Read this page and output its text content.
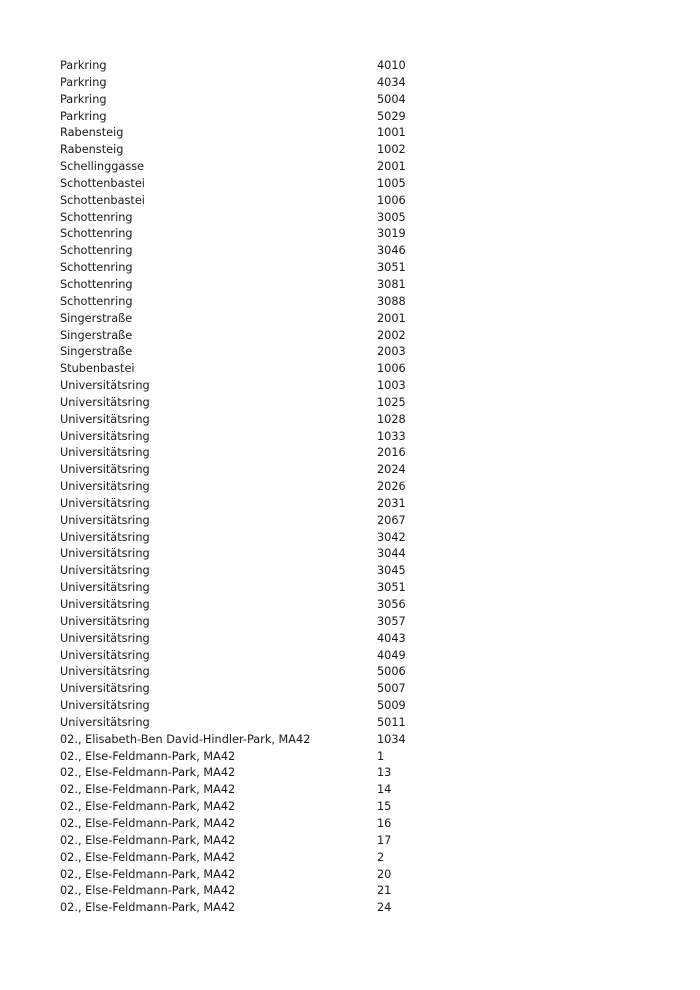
Parkring	4010
Parkring	4034
Parkring	5004
Parkring	5029
Rabensteig	1001
Rabensteig	1002
Schellinggasse	2001
Schottenbastei	1005
Schottenbastei	1006
Schottenring	3005
Schottenring	3019
Schottenring	3046
Schottenring	3051
Schottenring	3081
Schottenring	3088
Singerstraße	2001
Singerstraße	2002
Singerstraße	2003
Stubenbastei	1006
Universitätsring	1003
Universitätsring	1025
Universitätsring	1028
Universitätsring	1033
Universitätsring	2016
Universitätsring	2024
Universitätsring	2026
Universitätsring	2031
Universitätsring	2067
Universitätsring	3042
Universitätsring	3044
Universitätsring	3045
Universitätsring	3051
Universitätsring	3056
Universitätsring	3057
Universitätsring	4043
Universitätsring	4049
Universitätsring	5006
Universitätsring	5007
Universitätsring	5009
Universitätsring	5011
02., Elisabeth-Ben David-Hindler-Park, MA42	1034
02., Else-Feldmann-Park, MA42	1
02., Else-Feldmann-Park, MA42	13
02., Else-Feldmann-Park, MA42	14
02., Else-Feldmann-Park, MA42	15
02., Else-Feldmann-Park, MA42	16
02., Else-Feldmann-Park, MA42	17
02., Else-Feldmann-Park, MA42	2
02., Else-Feldmann-Park, MA42	20
02., Else-Feldmann-Park, MA42	21
02., Else-Feldmann-Park, MA42	24
